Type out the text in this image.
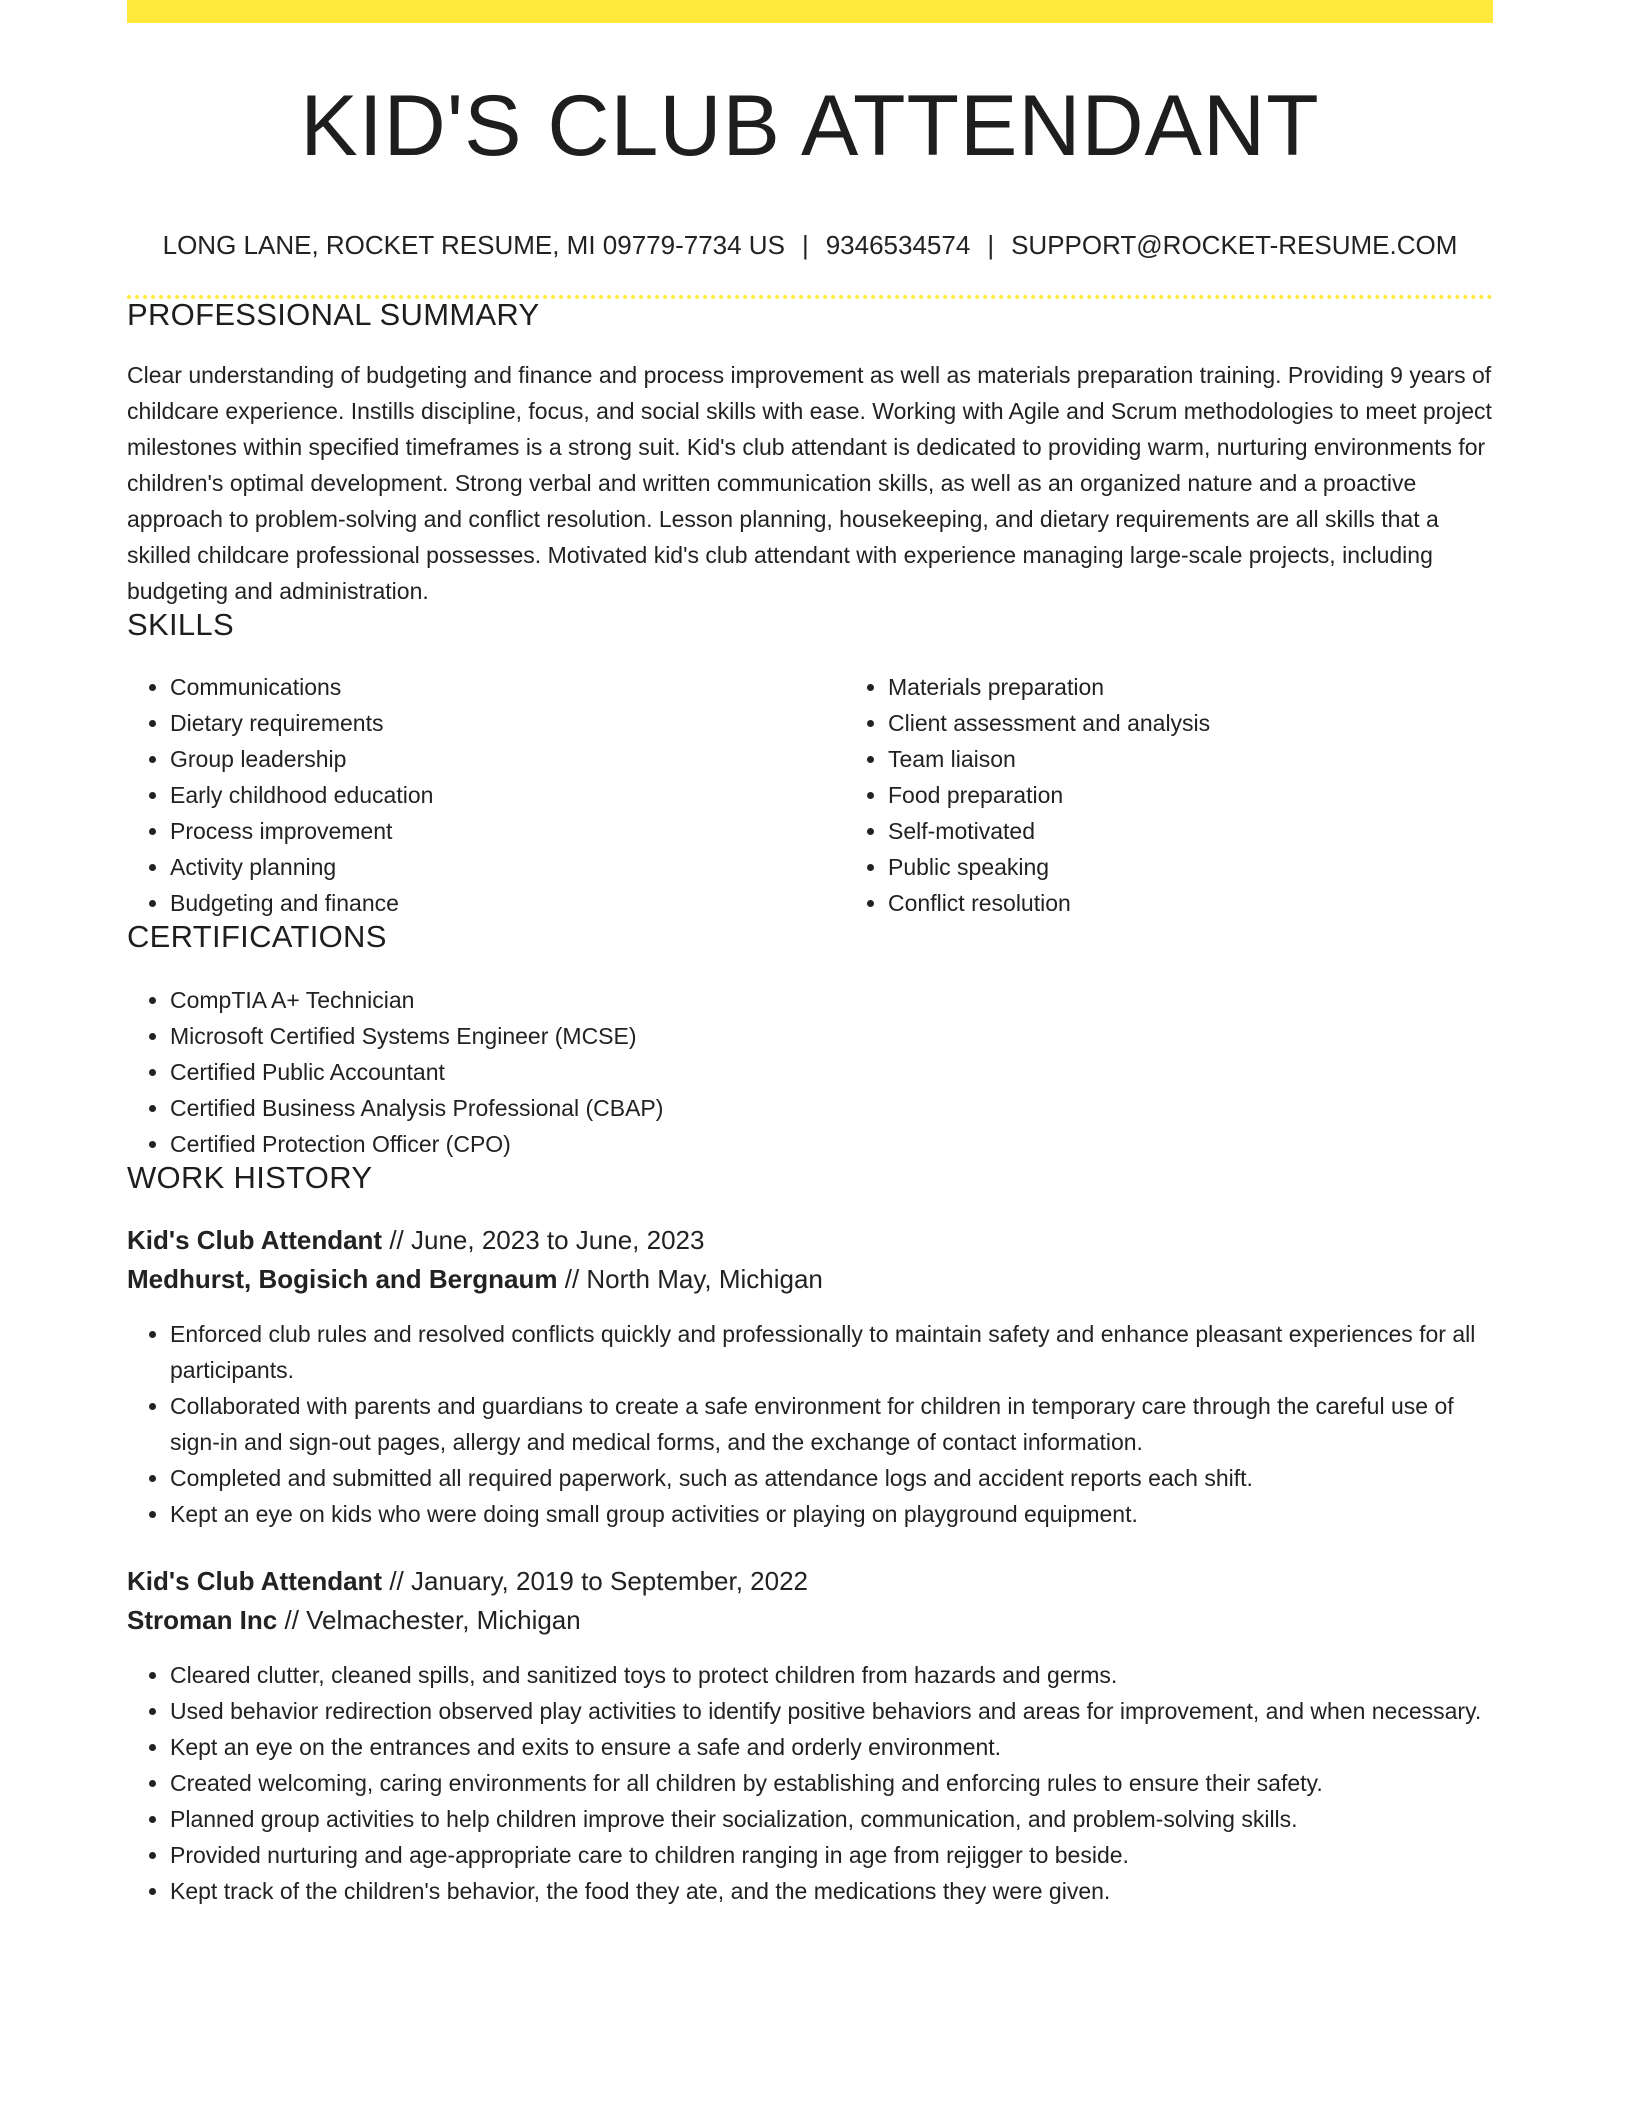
KID'S CLUB ATTENDANT
LONG LANE, ROCKET RESUME, MI 09779-7734 US | 9346534574 | SUPPORT@ROCKET-RESUME.COM
PROFESSIONAL SUMMARY
Clear understanding of budgeting and finance and process improvement as well as materials preparation training. Providing 9 years of childcare experience. Instills discipline, focus, and social skills with ease. Working with Agile and Scrum methodologies to meet project milestones within specified timeframes is a strong suit. Kid's club attendant is dedicated to providing warm, nurturing environments for children's optimal development. Strong verbal and written communication skills, as well as an organized nature and a proactive approach to problem-solving and conflict resolution. Lesson planning, housekeeping, and dietary requirements are all skills that a skilled childcare professional possesses. Motivated kid's club attendant with experience managing large-scale projects, including budgeting and administration.
SKILLS
• Communications
• Dietary requirements
• Group leadership
• Early childhood education
• Process improvement
• Activity planning
• Budgeting and finance
• Materials preparation
• Client assessment and analysis
• Team liaison
• Food preparation
• Self-motivated
• Public speaking
• Conflict resolution
CERTIFICATIONS
• CompTIA A+ Technician
• Microsoft Certified Systems Engineer (MCSE)
• Certified Public Accountant
• Certified Business Analysis Professional (CBAP)
• Certified Protection Officer (CPO)
WORK HISTORY
Kid's Club Attendant // June, 2023 to June, 2023
Medhurst, Bogisich and Bergnaum // North May, Michigan
• Enforced club rules and resolved conflicts quickly and professionally to maintain safety and enhance pleasant experiences for all participants.
• Collaborated with parents and guardians to create a safe environment for children in temporary care through the careful use of sign-in and sign-out pages, allergy and medical forms, and the exchange of contact information.
• Completed and submitted all required paperwork, such as attendance logs and accident reports each shift.
• Kept an eye on kids who were doing small group activities or playing on playground equipment.
Kid's Club Attendant // January, 2019 to September, 2022
Stroman Inc // Velmachester, Michigan
• Cleared clutter, cleaned spills, and sanitized toys to protect children from hazards and germs.
• Used behavior redirection observed play activities to identify positive behaviors and areas for improvement, and when necessary.
• Kept an eye on the entrances and exits to ensure a safe and orderly environment.
• Created welcoming, caring environments for all children by establishing and enforcing rules to ensure their safety.
• Planned group activities to help children improve their socialization, communication, and problem-solving skills.
• Provided nurturing and age-appropriate care to children ranging in age from rejigger to beside.
• Kept track of the children's behavior, the food they ate, and the medications they were given.
